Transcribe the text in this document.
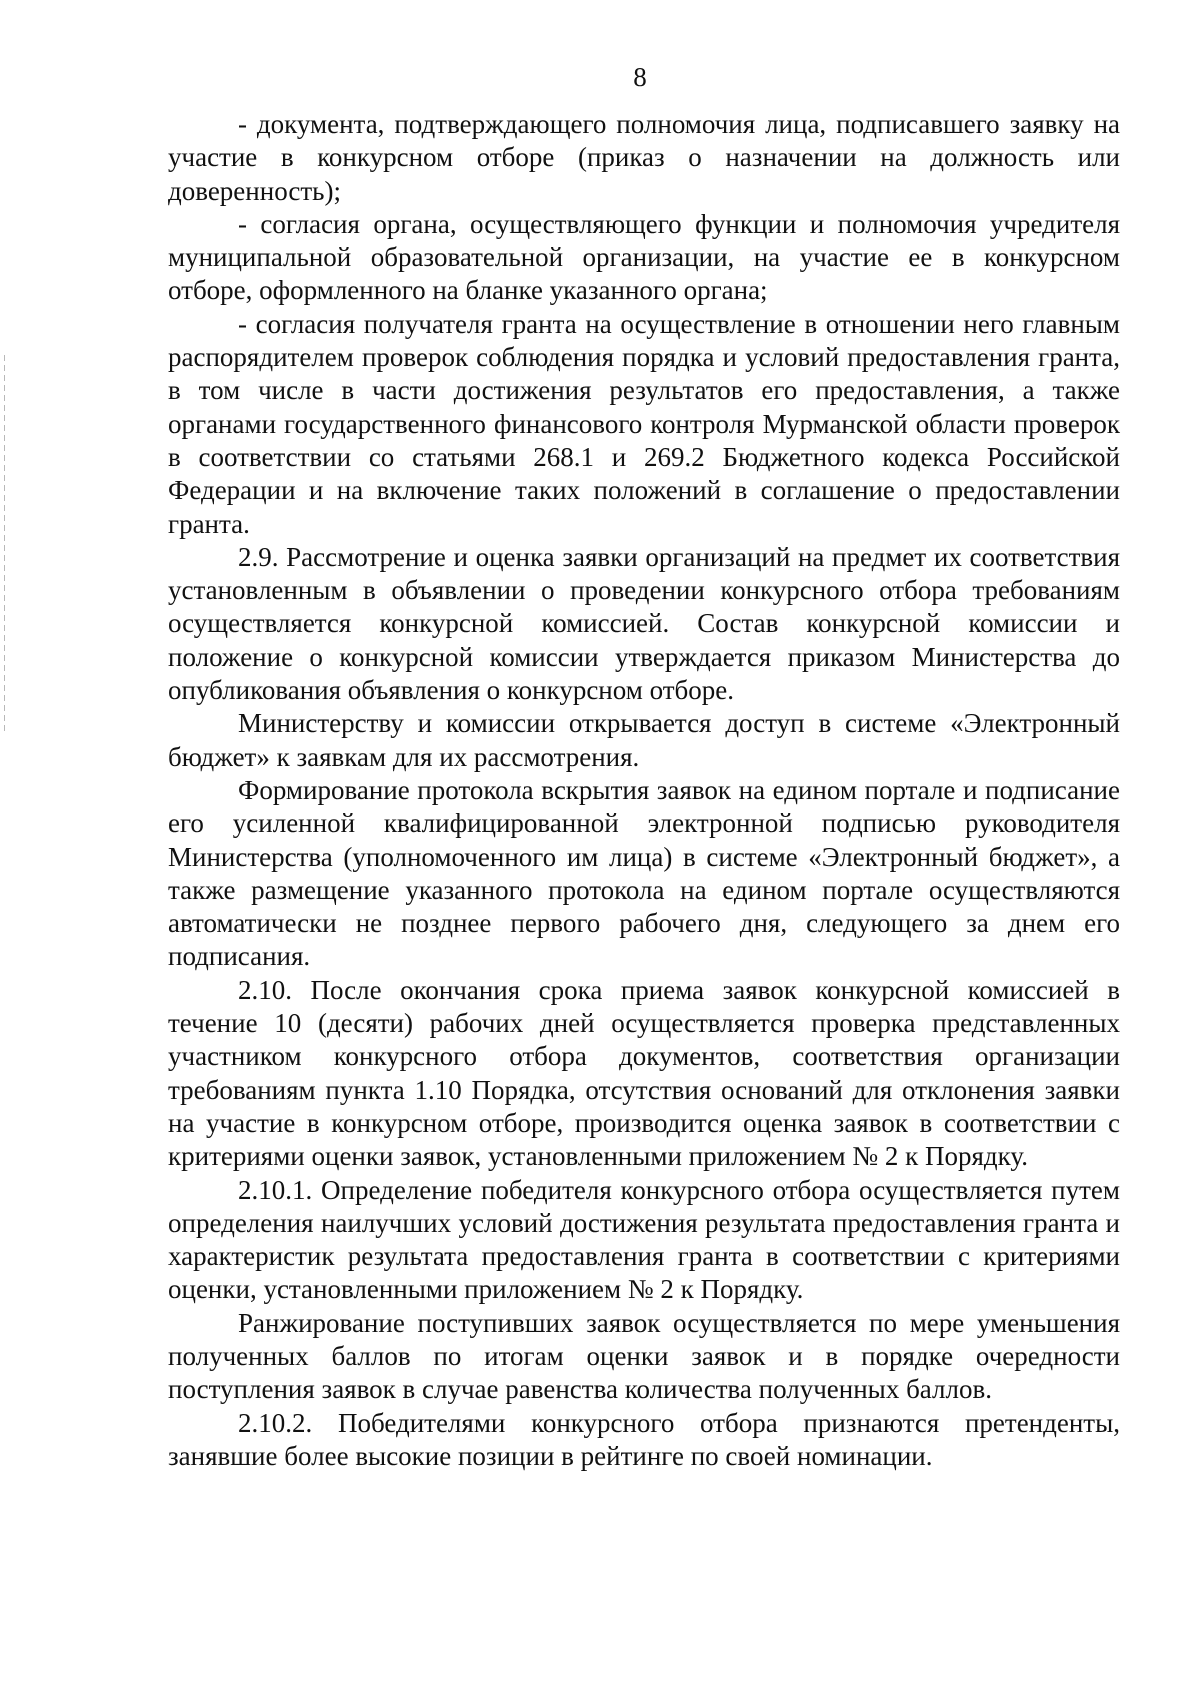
8

- документа, подтверждающего полномочия лица, подписавшего заявку на участие в конкурсном отборе (приказ о назначении на должность или доверенность);

- согласия органа, осуществляющего функции и полномочия учредителя муниципальной образовательной организации, на участие ее в конкурсном отборе, оформленного на бланке указанного органа;

- согласия получателя гранта на осуществление в отношении него главным распорядителем проверок соблюдения порядка и условий предоставления гранта, в том числе в части достижения результатов его предоставления, а также органами государственного финансового контроля Мурманской области проверок в соответствии со статьями 268.1 и 269.2 Бюджетного кодекса Российской Федерации и на включение таких положений в соглашение о предоставлении гранта.

2.9. Рассмотрение и оценка заявки организаций на предмет их соответствия установленным в объявлении о проведении конкурсного отбора требованиям осуществляется конкурсной комиссией. Состав конкурсной комиссии и положение о конкурсной комиссии утверждается приказом Министерства до опубликования объявления о конкурсном отборе.

Министерству и комиссии открывается доступ в системе «Электронный бюджет» к заявкам для их рассмотрения.

Формирование протокола вскрытия заявок на едином портале и подписание его усиленной квалифицированной электронной подписью руководителя Министерства (уполномоченного им лица) в системе «Электронный бюджет», а также размещение указанного протокола на едином портале осуществляются автоматически не позднее первого рабочего дня, следующего за днем его подписания.

2.10. После окончания срока приема заявок конкурсной комиссией в течение 10 (десяти) рабочих дней осуществляется проверка представленных участником конкурсного отбора документов, соответствия организации требованиям пункта 1.10 Порядка, отсутствия оснований для отклонения заявки на участие в конкурсном отборе, производится оценка заявок в соответствии с критериями оценки заявок, установленными приложением № 2 к Порядку.

2.10.1. Определение победителя конкурсного отбора осуществляется путем определения наилучших условий достижения результата предоставления гранта и характеристик результата предоставления гранта в соответствии с критериями оценки, установленными приложением № 2 к Порядку.

Ранжирование поступивших заявок осуществляется по мере уменьшения полученных баллов по итогам оценки заявок и в порядке очередности поступления заявок в случае равенства количества полученных баллов.

2.10.2. Победителями конкурсного отбора признаются претенденты, занявшие более высокие позиции в рейтинге по своей номинации.
